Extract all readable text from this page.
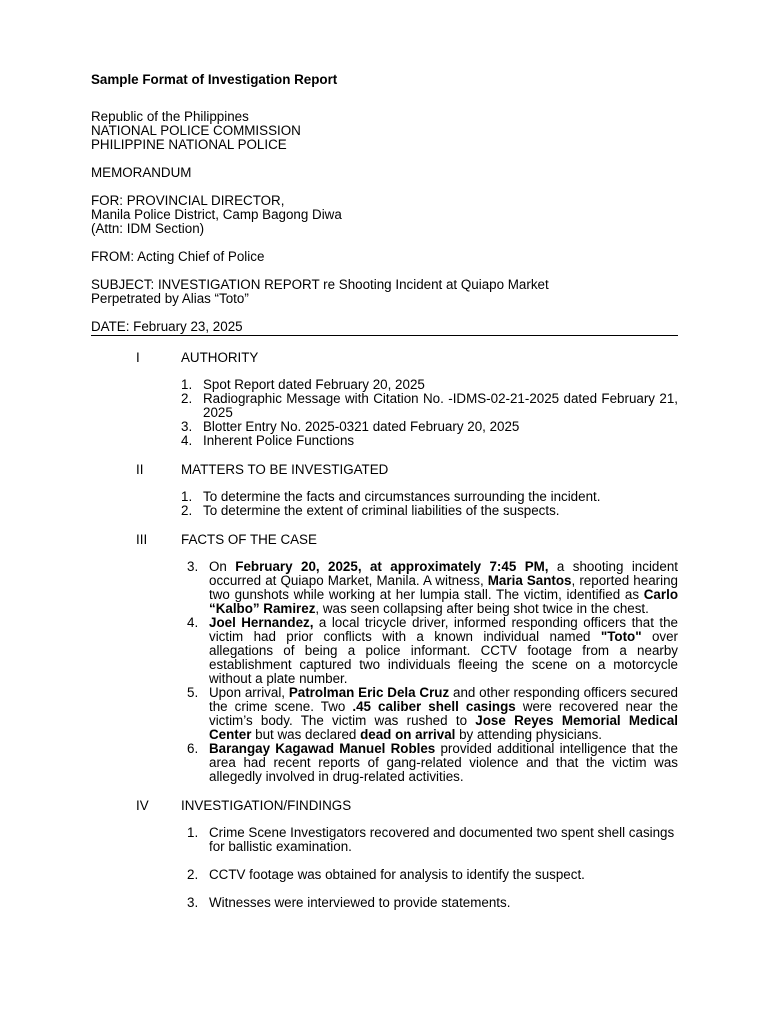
Sample Format of Investigation Report
Republic of the Philippines
NATIONAL POLICE COMMISSION
PHILIPPINE NATIONAL POLICE
MEMORANDUM
FOR: PROVINCIAL DIRECTOR,
Manila Police District, Camp Bagong Diwa
(Attn: IDM Section)
FROM: Acting Chief of Police
SUBJECT: INVESTIGATION REPORT re Shooting Incident at Quiapo Market
Perpetrated by Alias “Toto”
DATE: February 23, 2025
I	AUTHORITY
1. Spot Report dated February 20, 2025
2. Radiographic Message with Citation No. -IDMS-02-21-2025 dated February 21, 2025
3. Blotter Entry No. 2025-0321 dated February 20, 2025
4. Inherent Police Functions
II	MATTERS TO BE INVESTIGATED
1. To determine the facts and circumstances surrounding the incident.
2. To determine the extent of criminal liabilities of the suspects.
III	FACTS OF THE CASE
3. On February 20, 2025, at approximately 7:45 PM, a shooting incident occurred at Quiapo Market, Manila. A witness, Maria Santos, reported hearing two gunshots while working at her lumpia stall. The victim, identified as Carlo “Kalbo” Ramirez, was seen collapsing after being shot twice in the chest.
4. Joel Hernandez, a local tricycle driver, informed responding officers that the victim had prior conflicts with a known individual named "Toto" over allegations of being a police informant. CCTV footage from a nearby establishment captured two individuals fleeing the scene on a motorcycle without a plate number.
5. Upon arrival, Patrolman Eric Dela Cruz and other responding officers secured the crime scene. Two .45 caliber shell casings were recovered near the victim’s body. The victim was rushed to Jose Reyes Memorial Medical Center but was declared dead on arrival by attending physicians.
6. Barangay Kagawad Manuel Robles provided additional intelligence that the area had recent reports of gang-related violence and that the victim was allegedly involved in drug-related activities.
IV	INVESTIGATION/FINDINGS
1. Crime Scene Investigators recovered and documented two spent shell casings for ballistic examination.
2. CCTV footage was obtained for analysis to identify the suspect.
3. Witnesses were interviewed to provide statements.
